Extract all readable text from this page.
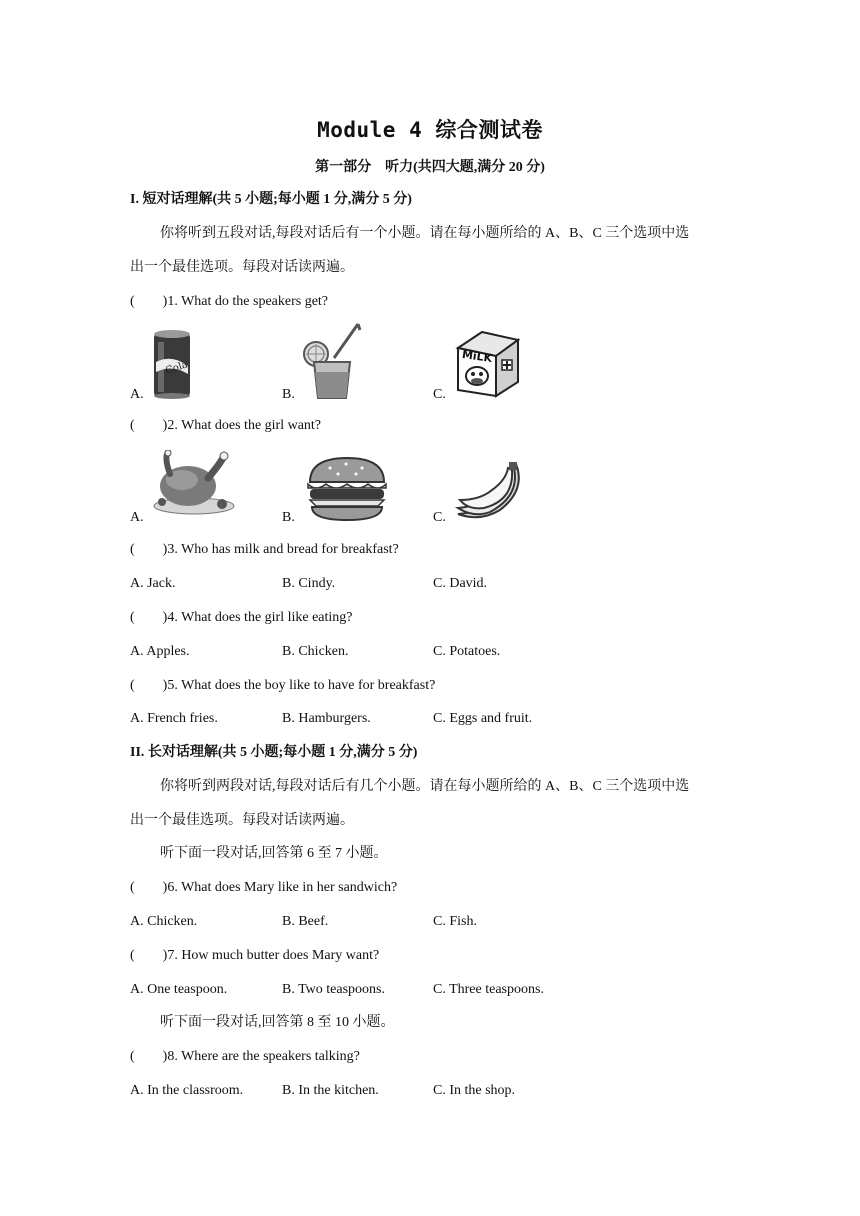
Module 4 综合测试卷
第一部分　听力(共四大题,满分 20 分)
I. 短对话理解(共 5 小题;每小题 1 分,满分 5 分)
你将听到五段对话,每段对话后有一个小题。请在每小题所给的 A、B、C 三个选项中选
出一个最佳选项。每段对话读两遍。
(　　)1. What do the speakers get?
A.	B.	C.
Cola
MiLK
(　　)2. What does the girl want?
A.	B.	C.
(　　)3. Who has milk and bread for breakfast?
A. Jack.	B. Cindy.	C. David.
(　　)4. What does the girl like eating?
A. Apples.	B. Chicken.	C. Potatoes.
(　　)5. What does the boy like to have for breakfast?
A. French fries.	B. Hamburgers.	C. Eggs and fruit.
II. 长对话理解(共 5 小题;每小题 1 分,满分 5 分)
你将听到两段对话,每段对话后有几个小题。请在每小题所给的 A、B、C 三个选项中选
出一个最佳选项。每段对话读两遍。
听下面一段对话,回答第 6 至 7 小题。
(　　)6. What does Mary like in her sandwich?
A. Chicken.	B. Beef.	C. Fish.
(　　)7. How much butter does Mary want?
A. One teaspoon.	B. Two teaspoons.	C. Three teaspoons.
听下面一段对话,回答第 8 至 10 小题。
(　　)8. Where are the speakers talking?
A. In the classroom.	B. In the kitchen.	C. In the shop.
